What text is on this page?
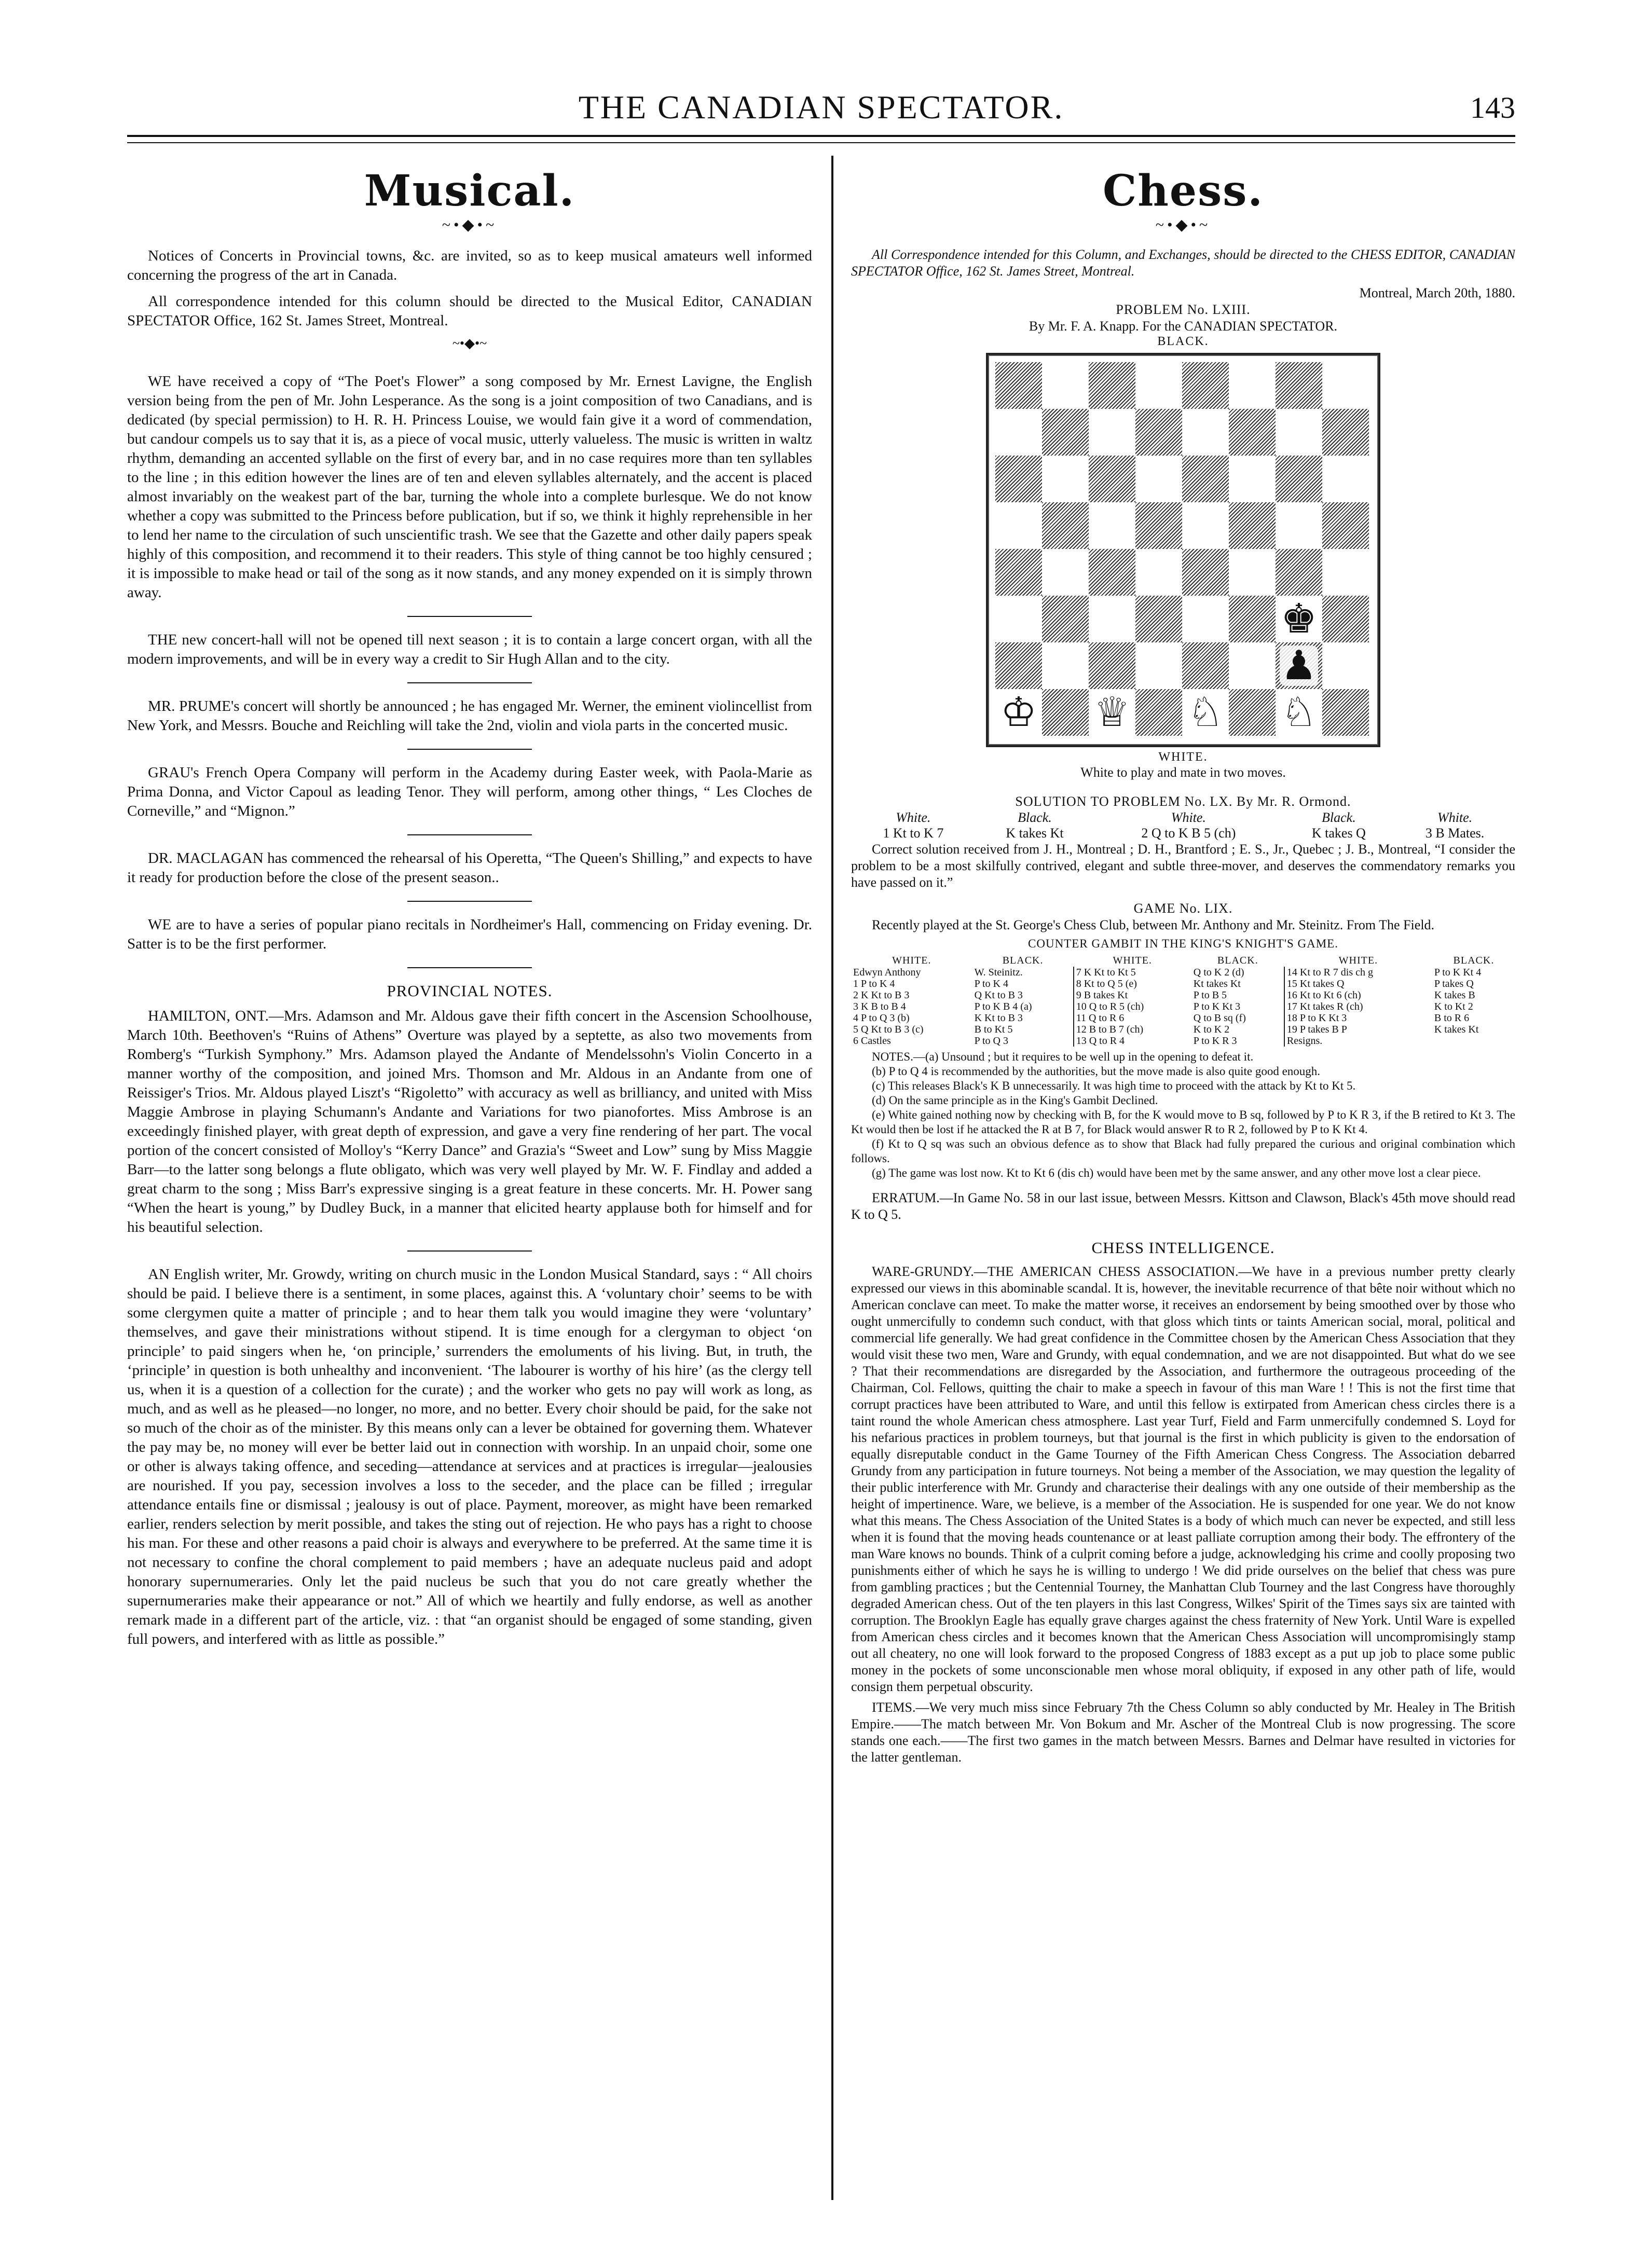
THE CANADIAN SPECTATOR.	143
Musical.
~•◆•~

Notices of Concerts in Provincial towns, &c. are invited, so as to keep musical amateurs well informed concerning the progress of the art in Canada.

All correspondence intended for this column should be directed to the Musical Editor, CANADIAN SPECTATOR Office, 162 St. James Street, Montreal.

~•◆•~

WE have received a copy of “The Poet's Flower” a song composed by Mr. Ernest Lavigne, the English version being from the pen of Mr. John Lesperance. As the song is a joint composition of two Canadians, and is dedicated (by special permission) to H. R. H. Princess Louise, we would fain give it a word of commendation, but candour compels us to say that it is, as a piece of vocal music, utterly valueless. The music is written in waltz rhythm, demanding an accented syllable on the first of every bar, and in no case requires more than ten syllables to the line ; in this edition however the lines are of ten and eleven syllables alternately, and the accent is placed almost invariably on the weakest part of the bar, turning the whole into a complete burlesque. We do not know whether a copy was submitted to the Princess before publication, but if so, we think it highly reprehensible in her to lend her name to the circulation of such unscientific trash. We see that the Gazette and other daily papers speak highly of this composition, and recommend it to their readers. This style of thing cannot be too highly censured ; it is impossible to make head or tail of the song as it now stands, and any money expended on it is simply thrown away.

THE new concert-hall will not be opened till next season ; it is to contain a large concert organ, with all the modern improvements, and will be in every way a credit to Sir Hugh Allan and to the city.

MR. PRUME's concert will shortly be announced ; he has engaged Mr. Werner, the eminent violincellist from New York, and Messrs. Bouche and Reichling will take the 2nd, violin and viola parts in the concerted music.

GRAU's French Opera Company will perform in the Academy during Easter week, with Paola-Marie as Prima Donna, and Victor Capoul as leading Tenor. They will perform, among other things, “ Les Cloches de Corneville,” and “Mignon.”

DR. MACLAGAN has commenced the rehearsal of his Operetta, “The Queen's Shilling,” and expects to have it ready for production before the close of the present season..

WE are to have a series of popular piano recitals in Nordheimer's Hall, commencing on Friday evening. Dr. Satter is to be the first performer.

PROVINCIAL NOTES.

HAMILTON, ONT.—Mrs. Adamson and Mr. Aldous gave their fifth concert in the Ascension Schoolhouse, March 10th. Beethoven's “Ruins of Athens” Overture was played by a septette, as also two movements from Romberg's “Turkish Symphony.” Mrs. Adamson played the Andante of Mendelssohn's Violin Concerto in a manner worthy of the composition, and joined Mrs. Thomson and Mr. Aldous in an Andante from one of Reissiger's Trios. Mr. Aldous played Liszt's “Rigoletto” with accuracy as well as brilliancy, and united with Miss Maggie Ambrose in playing Schumann's Andante and Variations for two pianofortes. Miss Ambrose is an exceedingly finished player, with great depth of expression, and gave a very fine rendering of her part. The vocal portion of the concert consisted of Molloy's “Kerry Dance” and Grazia's “Sweet and Low” sung by Miss Maggie Barr—to the latter song belongs a flute obligato, which was very well played by Mr. W. F. Findlay and added a great charm to the song ; Miss Barr's expressive singing is a great feature in these concerts. Mr. H. Power sang “When the heart is young,” by Dudley Buck, in a manner that elicited hearty applause both for himself and for his beautiful selection.

AN English writer, Mr. Growdy, writing on church music in the London Musical Standard, says : “ All choirs should be paid. I believe there is a sentiment, in some places, against this. A ‘voluntary choir’ seems to be with some clergymen quite a matter of principle ; and to hear them talk you would imagine they were ‘voluntary’ themselves, and gave their ministrations without stipend. It is time enough for a clergyman to object ‘on principle’ to paid singers when he, ‘on principle,’ surrenders the emoluments of his living. But, in truth, the ‘principle’ in question is both unhealthy and inconvenient. ‘The labourer is worthy of his hire’ (as the clergy tell us, when it is a question of a collection for the curate) ; and the worker who gets no pay will work as long, as much, and as well as he pleased—no longer, no more, and no better. Every choir should be paid, for the sake not so much of the choir as of the minister. By this means only can a lever be obtained for governing them. Whatever the pay may be, no money will ever be better laid out in connection with worship. In an unpaid choir, some one or other is always taking offence, and seceding—attendance at services and at practices is irregular—jealousies are nourished. If you pay, secession involves a loss to the seceder, and the place can be filled ; irregular attendance entails fine or dismissal ; jealousy is out of place. Payment, moreover, as might have been remarked earlier, renders selection by merit possible, and takes the sting out of rejection. He who pays has a right to choose his man. For these and other reasons a paid choir is always and everywhere to be preferred. At the same time it is not necessary to confine the choral complement to paid members ; have an adequate nucleus paid and adopt honorary supernumeraries. Only let the paid nucleus be such that you do not care greatly whether the supernumeraries make their appearance or not.” All of which we heartily and fully endorse, as well as another remark made in a different part of the article, viz. : that “an organist should be engaged of some standing, given full powers, and interfered with as little as possible.”

Chess.
~•◆•~

All Correspondence intended for this Column, and Exchanges, should be directed to the CHESS EDITOR, CANADIAN SPECTATOR Office, 162 St. James Street, Montreal.

Montreal, March 20th, 1880.

PROBLEM No. LXIII.
By Mr. F. A. Knapp. For the CANADIAN SPECTATOR.
BLACK.
♚
♟
♔ ♕ ♘ ♘
WHITE.
White to play and mate in two moves.
SOLUTION TO PROBLEM No. LX. By Mr. R. Ormond.
White.	Black.	White.	Black.	White.
1 Kt to K 7	K takes Kt	2 Q to K B 5 (ch)	K takes Q	3 B Mates.

Correct solution received from J. H., Montreal ; D. H., Brantford ; E. S., Jr., Quebec ; J. B., Montreal, “I consider the problem to be a most skilfully contrived, elegant and subtle three-mover, and deserves the commendatory remarks you have passed on it.”

GAME No. LIX.

Recently played at the St. George's Chess Club, between Mr. Anthony and Mr. Steinitz. From The Field.

COUNTER GAMBIT IN THE KING'S KNIGHT'S GAME.
WHITE.	BLACK.	WHITE.	BLACK.	WHITE.	BLACK.
Edwyn Anthony	W. Steinitz.	7 K Kt to Kt 5	Q to K 2 (d)	14 Kt to R 7 dis ch g	P to K Kt 4
1 P to K 4	P to K 4	8 Kt to Q 5 (e)	Kt takes Kt	15 Kt takes Q	P takes Q
2 K Kt to B 3	Q Kt to B 3	9 B takes Kt	P to B 5	16 Kt to Kt 6 (ch)	K takes B
3 K B to B 4	P to K B 4 (a)	10 Q to R 5 (ch)	P to K Kt 3	17 Kt takes R (ch)	K to Kt 2
4 P to Q 3 (b)	K Kt to B 3	11 Q to R 6	Q to B sq (f)	18 P to K Kt 3	B to R 6
5 Q Kt to B 3 (c)	B to Kt 5	12 B to B 7 (ch)	K to K 2	19 P takes B P	K takes Kt
6 Castles	P to Q 3	13 Q to R 4	P to K R 3	Resigns.	

NOTES.—(a) Unsound ; but it requires to be well up in the opening to defeat it.

(b) P to Q 4 is recommended by the authorities, but the move made is also quite good enough.

(c) This releases Black's K B unnecessarily. It was high time to proceed with the attack by Kt to Kt 5.

(d) On the same principle as in the King's Gambit Declined.

(e) White gained nothing now by checking with B, for the K would move to B sq, followed by P to K R 3, if the B retired to Kt 3. The Kt would then be lost if he attacked the R at B 7, for Black would answer R to R 2, followed by P to K Kt 4.

(f) Kt to Q sq was such an obvious defence as to show that Black had fully prepared the curious and original combination which follows.

(g) The game was lost now. Kt to Kt 6 (dis ch) would have been met by the same answer, and any other move lost a clear piece.

ERRATUM.—In Game No. 58 in our last issue, between Messrs. Kittson and Clawson, Black's 45th move should read K to Q 5.

CHESS INTELLIGENCE.

WARE-GRUNDY.—THE AMERICAN CHESS ASSOCIATION.—We have in a previous number pretty clearly expressed our views in this abominable scandal. It is, however, the inevitable recurrence of that bête noir without which no American conclave can meet. To make the matter worse, it receives an endorsement by being smoothed over by those who ought unmercifully to condemn such conduct, with that gloss which tints or taints American social, moral, political and commercial life generally. We had great confidence in the Committee chosen by the American Chess Association that they would visit these two men, Ware and Grundy, with equal condemnation, and we are not disappointed. But what do we see ? That their recommendations are disregarded by the Association, and furthermore the outrageous proceeding of the Chairman, Col. Fellows, quitting the chair to make a speech in favour of this man Ware ! ! This is not the first time that corrupt practices have been attributed to Ware, and until this fellow is extirpated from American chess circles there is a taint round the whole American chess atmosphere. Last year Turf, Field and Farm unmercifully condemned S. Loyd for his nefarious practices in problem tourneys, but that journal is the first in which publicity is given to the endorsation of equally disreputable conduct in the Game Tourney of the Fifth American Chess Congress. The Association debarred Grundy from any participation in future tourneys. Not being a member of the Association, we may question the legality of their public interference with Mr. Grundy and characterise their dealings with any one outside of their membership as the height of impertinence. Ware, we believe, is a member of the Association. He is suspended for one year. We do not know what this means. The Chess Association of the United States is a body of which much can never be expected, and still less when it is found that the moving heads countenance or at least palliate corruption among their body. The effrontery of the man Ware knows no bounds. Think of a culprit coming before a judge, acknowledging his crime and coolly proposing two punishments either of which he says he is willing to undergo ! We did pride ourselves on the belief that chess was pure from gambling practices ; but the Centennial Tourney, the Manhattan Club Tourney and the last Congress have thoroughly degraded American chess. Out of the ten players in this last Congress, Wilkes' Spirit of the Times says six are tainted with corruption. The Brooklyn Eagle has equally grave charges against the chess fraternity of New York. Until Ware is expelled from American chess circles and it becomes known that the American Chess Association will uncompromisingly stamp out all cheatery, no one will look forward to the proposed Congress of 1883 except as a put up job to place some public money in the pockets of some unconscionable men whose moral obliquity, if exposed in any other path of life, would consign them perpetual obscurity.

ITEMS.—We very much miss since February 7th the Chess Column so ably conducted by Mr. Healey in The British Empire.——The match between Mr. Von Bokum and Mr. Ascher of the Montreal Club is now progressing. The score stands one each.——The first two games in the match between Messrs. Barnes and Delmar have resulted in victories for the latter gentleman.
